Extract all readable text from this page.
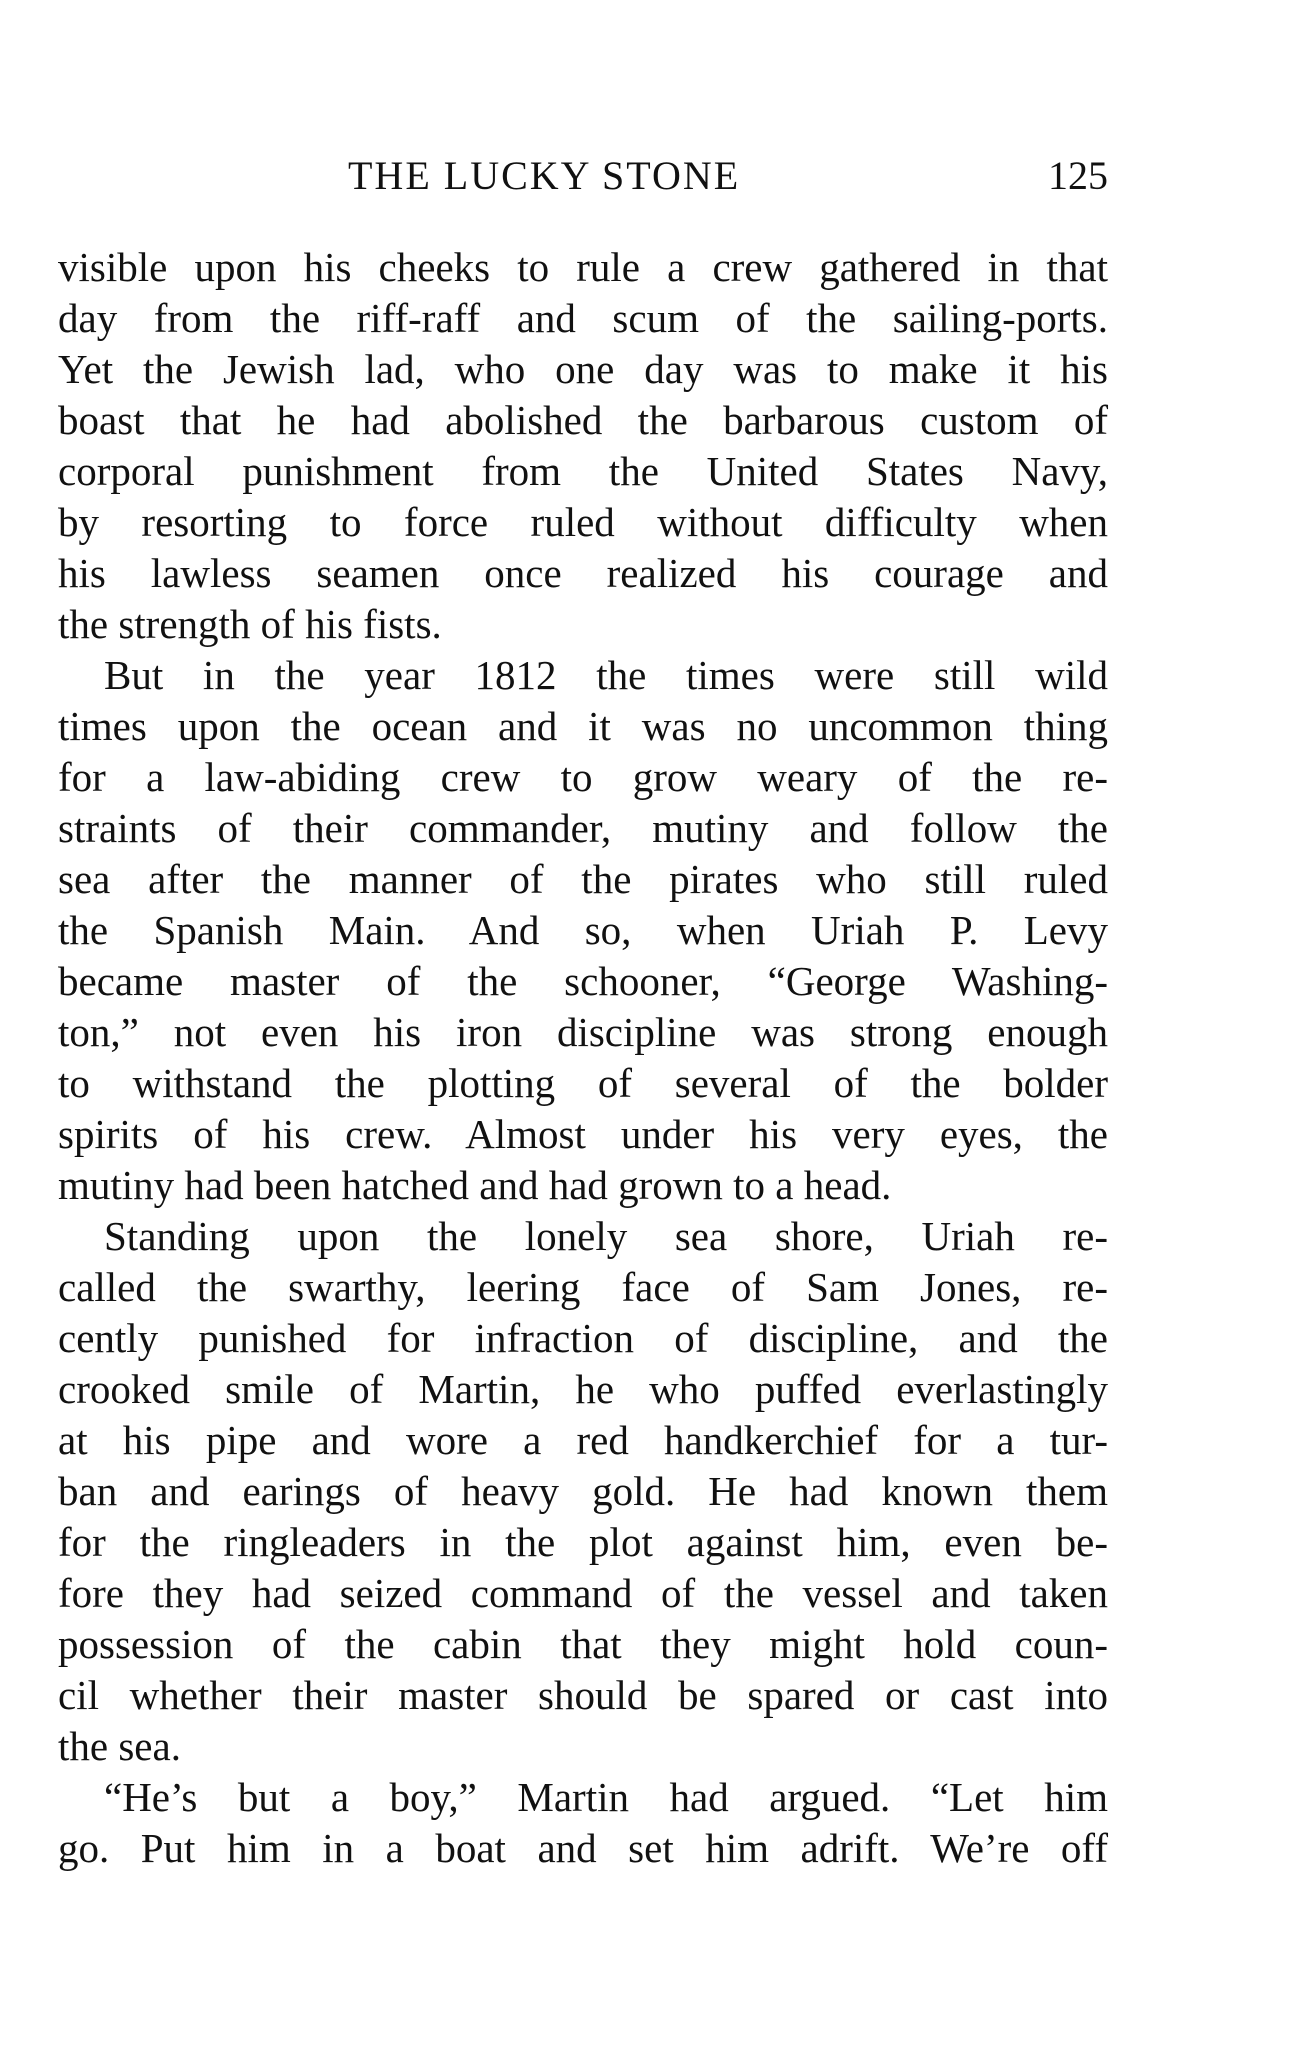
THE LUCKY STONE	125
visible upon his cheeks to rule a crew gathered in that
day from the riff-raff and scum of the sailing-ports.
Yet the Jewish lad, who one day was to make it his
boast that he had abolished the barbarous custom of
corporal punishment from the United States Navy,
by resorting to force ruled without difficulty when
his lawless seamen once realized his courage and
the strength of his fists.
But in the year 1812 the times were still wild
times upon the ocean and it was no uncommon thing
for a law-abiding crew to grow weary of the re-
straints of their commander, mutiny and follow the
sea after the manner of the pirates who still ruled
the Spanish Main. And so, when Uriah P. Levy
became master of the schooner, “George Washing-
ton,” not even his iron discipline was strong enough
to withstand the plotting of several of the bolder
spirits of his crew. Almost under his very eyes, the
mutiny had been hatched and had grown to a head.
Standing upon the lonely sea shore, Uriah re-
called the swarthy, leering face of Sam Jones, re-
cently punished for infraction of discipline, and the
crooked smile of Martin, he who puffed everlastingly
at his pipe and wore a red handkerchief for a tur-
ban and earings of heavy gold. He had known them
for the ringleaders in the plot against him, even be-
fore they had seized command of the vessel and taken
possession of the cabin that they might hold coun-
cil whether their master should be spared or cast into
the sea.
“He’s but a boy,” Martin had argued. “Let him
go. Put him in a boat and set him adrift. We’re off
